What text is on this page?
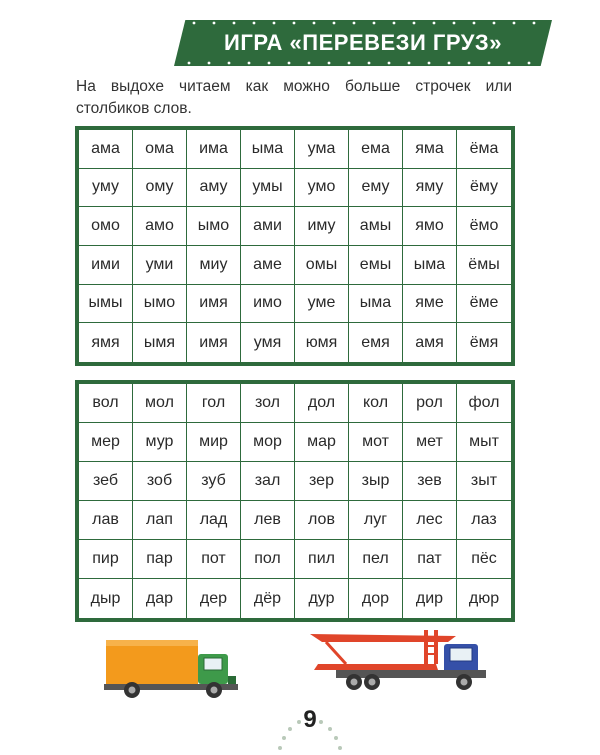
ИГРА «ПЕРЕВЕЗИ ГРУЗ»
На выдохе читаем как можно больше строчек или столбиков слов.
ама	ома	има	ыма	ума	ема	яма	ёма
уму	ому	аму	умы	умо	ему	яму	ёму
омо	амо	ымо	ами	иму	амы	ямо	ёмо
ими	уми	миу	аме	омы	емы	ыма	ёмы
ымы	ымо	имя	имо	уме	ыма	яме	ёме
ямя	ымя	имя	умя	юмя	емя	амя	ёмя
вол	мол	гол	зол	дол	кол	рол	фол
мер	мур	мир	мор	мар	мот	мет	мыт
зеб	зоб	зуб	зал	зер	зыр	зев	зыт
лав	лап	лад	лев	лов	луг	лес	лаз
пир	пар	пот	пол	пил	пел	пат	пёс
дыр	дар	дер	дёр	дур	дор	дир	дюр
9
